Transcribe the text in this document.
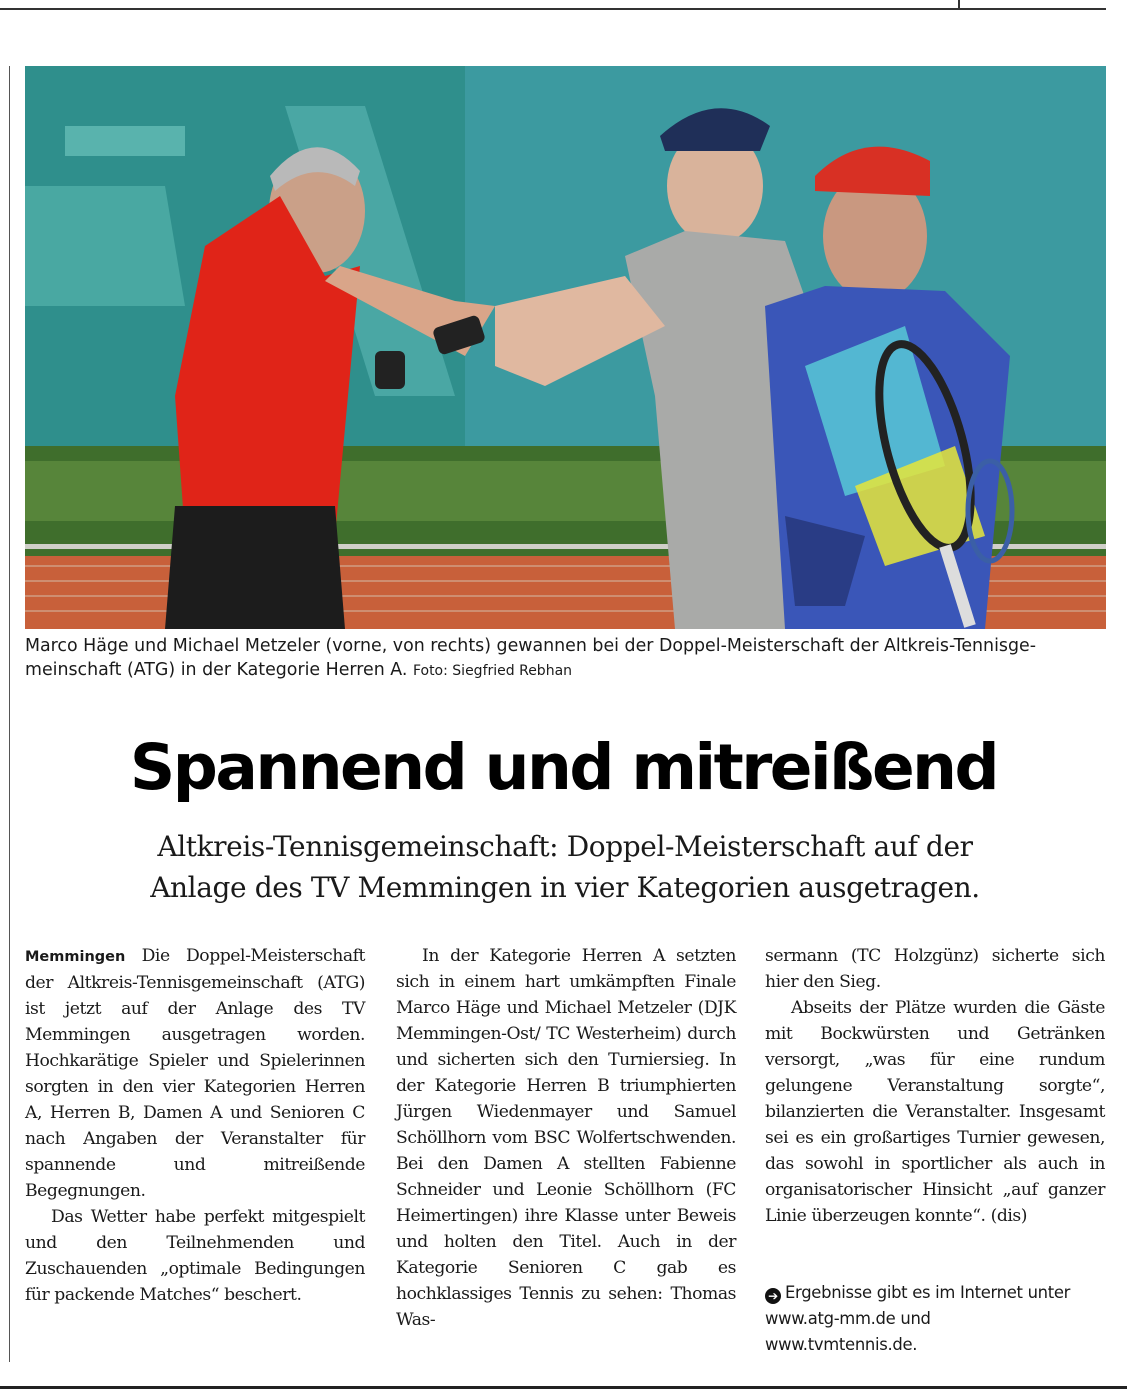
Marco Häge und Michael Metzeler (vorne, von rechts) gewannen bei der Doppel-Meisterschaft der Altkreis-Tennisge-
meinschaft (ATG) in der Kategorie Herren A. Foto: Siegfried Rebhan
Spannend und mitreißend
Altkreis-Tennisgemeinschaft: Doppel-Meisterschaft auf der
Anlage des TV Memmingen in vier Kategorien ausgetragen.

Memmingen Die Doppel-Meisterschaft der Altkreis-Tennisgemeinschaft (ATG) ist jetzt auf der Anlage des TV Memmingen ausgetragen worden. Hochkarätige Spieler und Spielerinnen sorgten in den vier Kategorien Herren A, Herren B, Damen A und Senioren C nach Angaben der Veranstalter für spannende und mitreißende Begegnungen.

Das Wetter habe perfekt mitgespielt und den Teilnehmenden und Zuschauenden „optimale Bedingungen für packende Matches“ beschert.

In der Kategorie Herren A setzten sich in einem hart umkämpften Finale Marco Häge und Michael Metzeler (DJK Memmingen-Ost/ TC Westerheim) durch und sicherten sich den Turniersieg. In der Kategorie Herren B triumphierten Jürgen Wiedenmayer und Samuel Schöllhorn vom BSC Wolfertschwenden. Bei den Damen A stellten Fabienne Schneider und Leonie Schöllhorn (FC Heimertingen) ihre Klasse unter Beweis und holten den Titel. Auch in der Kategorie Senioren C gab es hochklassiges Tennis zu sehen: Thomas Was-

sermann (TC Holzgünz) sicherte sich hier den Sieg.

Abseits der Plätze wurden die Gäste mit Bockwürsten und Getränken versorgt, „was für eine rundum gelungene Veranstaltung sorgte“, bilanzierten die Veranstalter. Insgesamt sei es ein großartiges Turnier gewesen, das sowohl in sportlicher als auch in organisatorischer Hinsicht „auf ganzer Linie überzeugen konnte“. (dis)

➔ Ergebnisse gibt es im Internet unter
www.atg-mm.de und
www.tvmtennis.de.
